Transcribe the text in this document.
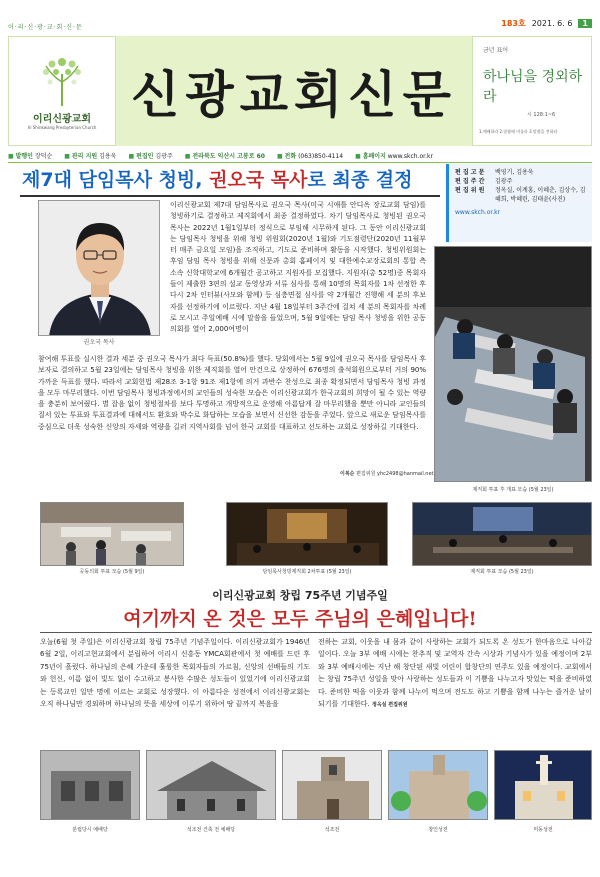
이·리·신·광·교·회·신·문	183호 2021. 6. 6	1
이리신광교회
Iri Shinkwang Presbyterian Church
신광교회신문
금년 표어
하나님을 경외하라
시 128:1~6
1.예배하라 2.말씀에 머물라 3.말씀을 전하라
■ 발행인 장덕순 ■ 관리 지원 김용욱 ■ 편집인 김광주 ■ 전라북도 익산시 고봉로 60 ■ 전화 (063)850-4114 ■ 홈페이지 www.skch.or.kr
제7대 담임목사 청빙, 권오국 목사로 최종 결정	편 집 고 문	백영기, 김용욱
편 집 주 간	김광주
편 집 위 원	정옥실, 이계홍, 이혜춘, 김상수, 김혜희, 박혜린, 김태윤(사진)
www.skch.or.kr
권오국 목사
이리신광교회 제7대 담임목사로 권오국 목사(미국 시애틀 안디옥 장로교회 담임)를 청빙하기로 결정하고 제직회에서 최종 결정하였다. 차기 담임목사로 청빙된 권오국 목사는 2022년 1월1일부터 정식으로 부임해 시무하게 된다. 그 동안 이리신광교회는 담임목사 청빙을 위해 청빙 위원회(2020년 1월)와 기도점령단(2020년 11월부터 매주 금요일 모임)을 조직하고, 기도로 준비하며 활동을 시작했다. 청빙위원회는 후임 담임 목사 청빙을 위해 신문과 총회 홈페이지 및 대한예수교장로회의 통합 측 소속 신학대학교에 6개월간 공고하고 지원자를 모집했다. 지원자(총 52명)중 목회자들이 제출한 3편의 설교 동영상과 서류 심사를 통해 10명의 목회자를 1차 선정한 후 다시 2차 인터뷰(사모와 함께) 등 심층면접 심사를 약 2개월간 진행해 세 분의 후보자를 선정하기에 이르렀다. 지난 4월 18일부터 3주간에 걸쳐 세 분의 목회자를 차례로 모시고 주일예배 시에 말씀을 들었으며, 5월 9일에는 담임 목사 청빙을 위한 공동 의회를 열어 2,000여명이
참여해 투표를 실시한 결과 세분 중 권오국 목사가 최다 득표(50.8%)를 했다. 당회에서는 5월 9일에 권오국 목사를 담임목사 후보자로 결의하고 5월 23일에는 담임목사 청빙을 위한 제직회를 열어 안건으로 상정하여 676명의 출석회원으로부터 거의 90% 가까운 득표를 했다. 따라서 교회헌법 제28조 3-1항 91조 제1항에 의거 과반수 찬성으로 최종 확정되면서 담임목사 청빙 과정을 모두 마무리했다. 이번 담임목사 청빙과정에서의 교인들의 성숙한 모습은 이리신광교회가 한국교회의 희망이 될 수 있는 역량을 충분히 보여줬다. 별 잡음 없이 청빙절차를 보다 투명하고 개방적으로 운영해 아름답게 잘 마무리했을 뿐만 아니라 교인들의 질서 있는 투표와 투표결과에 대해서도 환호와 박수로 화답하는 모습을 보면서 신선한 감동을 주었다. 앞으로 새로운 담임목사를 중심으로 더욱 성숙한 신앙의 자세와 역량을 길러 지역사회를 넘어 한국 교회를 대표하고 선도하는 교회로 성장하길 기대한다.
이복순 편집위원 yhc2498@hanmail.net
제직회 투표 후 개표 모습 (5월 23일)
공동의회 투표 모습 (5월 9일)	담임목사청빙제직회 2차투표 (5월 23일)	제직회 투표 모습 (5월 23일)
이리신광교회 창립 75주년 기념주일
여기까지 온 것은 모두 주님의 은혜입니다!
오늘(6월 첫 주일)은 이리신광교회 창립 75주년 기념주일이다. 이리신광교회가 1946년 6월 2일, 이리고현교회에서 분립하여 이리시 신흥동 YMCA회관에서 첫 예배를 드린 후 75년이 흘렀다. 하나님의 은혜 가운데 훌륭한 목회자들의 가르침, 신앙의 선배들의 기도와 헌신, 이름 없이 빛도 없이 수고하고 봉사한 수많은 성도들이 있었기에 이리신광교회는 등록교인 일만 명에 이르는 교회로 성장했다. 이 아름다운 성전에서 이리신광교회는 오직 하나님만 경외하며 하나님의 뜻을 세상에 이루기 위하여 땅 끝까지 복음을
전하는 교회, 이웃을 내 몸과 같이 사랑하는 교회가 되도록 온 성도가 한마음으로 나아갈 일이다. 오늘 3부 예배 시에는 찬추직 및 교역자 간속 시상과 기념사가 있을 예정이며 2부와 3부 예배시에는 지난 해 창단된 새빛 어린이 합창단의 연주도 있을 예정이다. 교회에서는 창립 75주년 성일을 맞아 사랑하는 성도들과 이 기쁨을 나누고자 맛있는 떡을 준비하였다. 준비한 떡을 이웃과 함께 나누어 먹으며 전도도 하고 기쁨을 함께 나누는 즐거운 날이 되기를 기대한다. 정옥실 편집위원
분립당시 예배당	석조전 건축 전 예배당	석조전	창인성전	미동성전
